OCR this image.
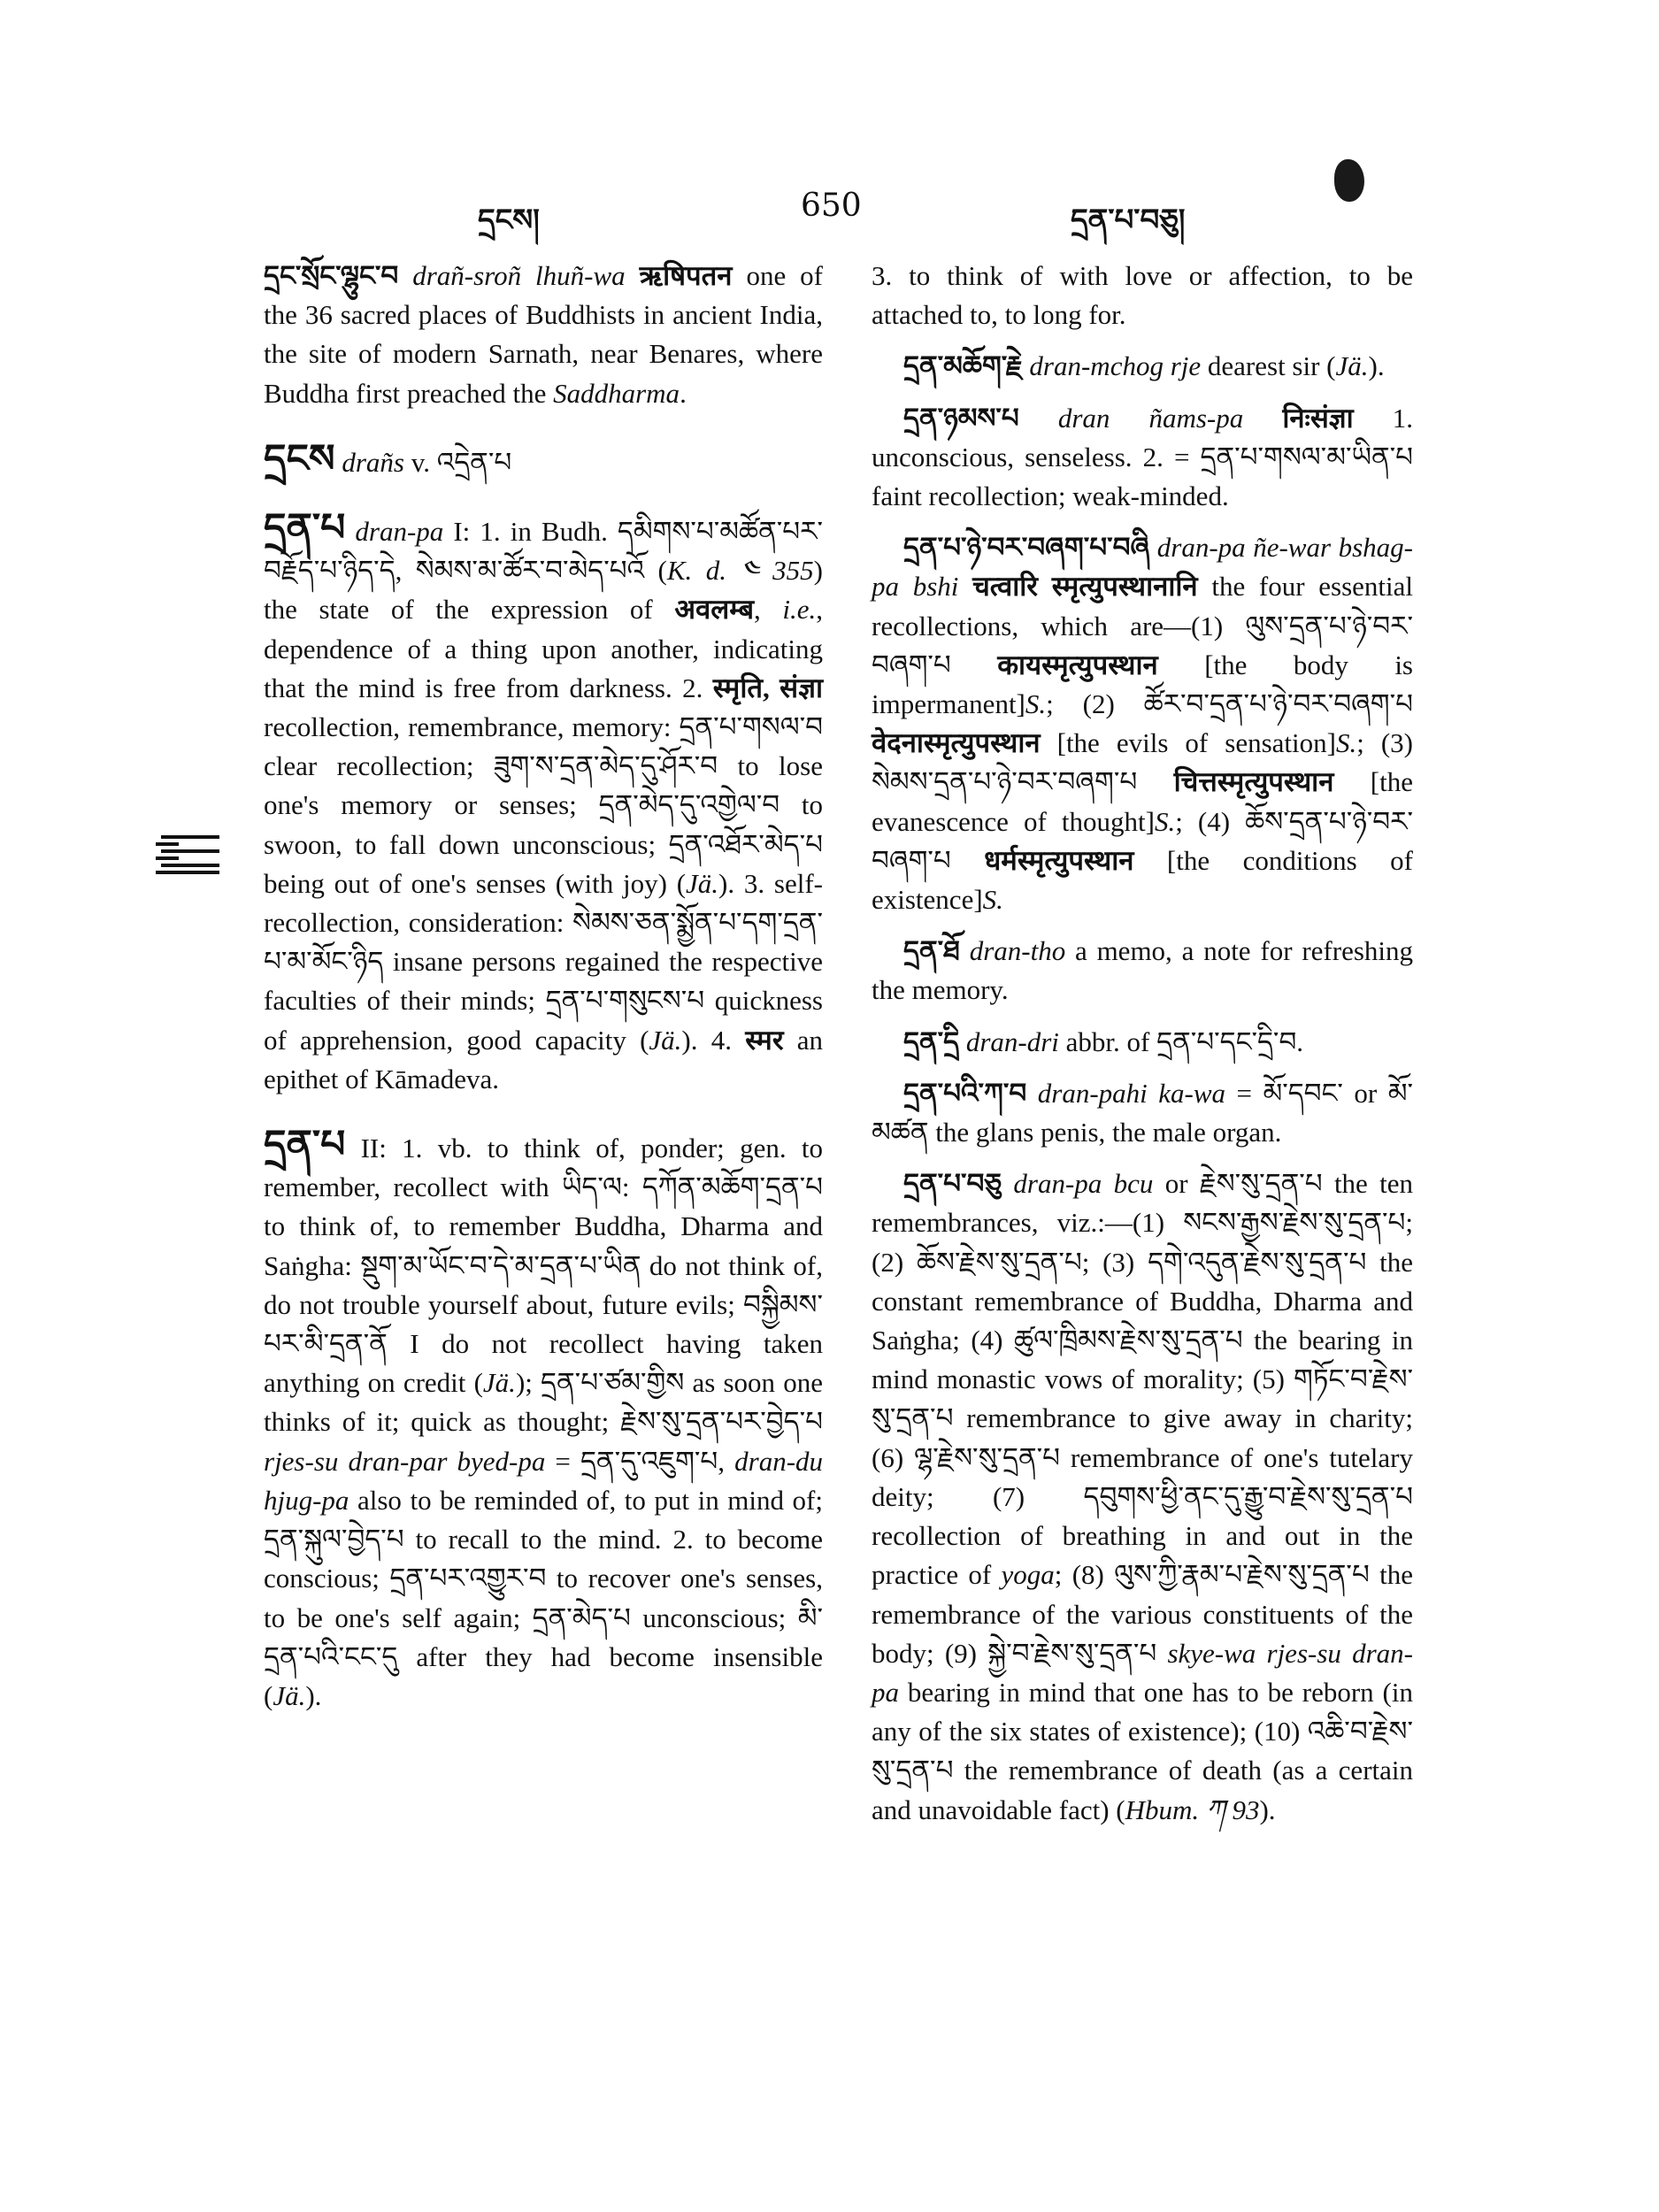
དྲངས།	650	དྲན་པ་བཅུ།

དྲང་སྲོང་ལྷུང་བ drañ-sroñ lhuñ-wa ऋषिपतन one of the 36 sacred places of Buddhists in ancient India, the site of modern Sarnath, near Benares, where Buddha first preached the Saddharma.

དྲངས drañs v. འདྲེན་པ

དྲན་པ dran-pa I: 1. in Budh. དམིགས་པ་མཚོན་པར་བརྗོད་པ་ཉིད་དེ, སེམས་མ་ཚོར་བ་མེད་པའོ (K. d. ༤ 355) the state of the expression of अवलम्ब, i.e., dependence of a thing upon another, indicating that the mind is free from darkness. 2. स्मृति, संज्ञा recollection, remembrance, memory: དྲན་པ་གསལ་བ clear recollection; ཟུག་ས་དྲན་མེད་དུ་ཤོར་བ to lose one's memory or senses; དྲན་མེད་དུ་འགྱེལ་བ to swoon, to fall down unconscious; དྲན་འཐོར་མེད་པ being out of one's senses (with joy) (Jä.). 3. self-recollection, consideration: སེམས་ཅན་སྨྱོན་པ་དག་དྲན་པ་མ་མོང་ཉིད insane persons regained the respective faculties of their minds; དྲན་པ་གསུངས་པ quickness of apprehension, good capacity (Jä.). 4. स्मर an epithet of Kāmadeva.

དྲན་པ II: 1. vb. to think of, ponder; gen. to remember, recollect with ཡིད་ལ: དཀོན་མཆོག་དྲན་པ to think of, to remember Buddha, Dharma and Saṅgha: སྡུག་མ་ཡོང་བ་དེ་མ་དྲན་པ་ཡིན do not think of, do not trouble yourself about, future evils; བསྐྱིམས་པར་མི་དྲན་ནོ I do not recollect having taken anything on credit (Jä.); དྲན་པ་ཙམ་གྱིས as soon one thinks of it; quick as thought; རྗེས་སུ་དྲན་པར་བྱེད་པ rjes-su dran-par byed-pa = དྲན་དུ་འཇུག་པ, dran-du hjug-pa also to be reminded of, to put in mind of; དྲན་སྐུལ་བྱེད་པ to recall to the mind. 2. to become conscious; དྲན་པར་འགྱུར་བ to recover one's senses, to be one's self again; དྲན་མེད་པ unconscious; མི་དྲན་པའི་ངང་དུ after they had become insensible (Jä.).

3. to think of with love or affection, to be attached to, to long for.

དྲན་མཆོག་རྗེ dran-mchog rje dearest sir (Jä.).

དྲན་ཉམས་པ dran ñams-pa निःसंज्ञा 1. unconscious, senseless. 2. = དྲན་པ་གསལ་མ་ཡིན་པ faint recollection; weak-minded.

དྲན་པ་ཉེ་བར་བཞག་པ་བཞི dran-pa ñe-war bshag-pa bshi चत्वारि स्मृत्युपस्थानानि the four essential recollections, which are—(1) ལུས་དྲན་པ་ཉེ་བར་བཞག་པ कायस्मृत्युपस्थान [the body is impermanent]S.; (2) ཚོར་བ་དྲན་པ་ཉེ་བར་བཞག་པ वेदनास्मृत्युपस्थान [the evils of sensation]S.; (3) སེམས་དྲན་པ་ཉེ་བར་བཞག་པ चित्तस्मृत्युपस्थान [the evanescence of thought]S.; (4) ཆོས་དྲན་པ་ཉེ་བར་བཞག་པ धर्मस्मृत्युपस्थान [the conditions of existence]S.

དྲན་ཐོ dran-tho a memo, a note for refreshing the memory.

དྲན་དྲི dran-dri abbr. of དྲན་པ་དང་དྲི་བ.

དྲན་པའི་ཀ་བ dran-pahi ka-wa = མོ་དབང་ or མོ་མཚན the glans penis, the male organ.

དྲན་པ་བཅུ dran-pa bcu or རྗེས་སུ་དྲན་པ the ten remembrances, viz.:—(1) སངས་རྒྱས་རྗེས་སུ་དྲན་པ; (2) ཆོས་རྗེས་སུ་དྲན་པ; (3) དགེ་འདུན་རྗེས་སུ་དྲན་པ the constant remembrance of Buddha, Dharma and Saṅgha; (4) ཚུལ་ཁྲིམས་རྗེས་སུ་དྲན་པ the bearing in mind monastic vows of morality; (5) གཏོང་བ་རྗེས་སུ་དྲན་པ remembrance to give away in charity; (6) ལྷ་རྗེས་སུ་དྲན་པ remembrance of one's tutelary deity; (7) དབུགས་ཕྱི་ནང་དུ་རྒྱུ་བ་རྗེས་སུ་དྲན་པ recollection of breathing in and out in the practice of yoga; (8) ལུས་ཀྱི་རྣམ་པ་རྗེས་སུ་དྲན་པ the remembrance of the various constituents of the body; (9) སྐྱེ་བ་རྗེས་སུ་དྲན་པ skye-wa rjes-su dran-pa bearing in mind that one has to be reborn (in any of the six states of existence); (10) འཆི་བ་རྗེས་སུ་དྲན་པ the remembrance of death (as a certain and unavoidable fact) (Hbum. ཀ 93).
